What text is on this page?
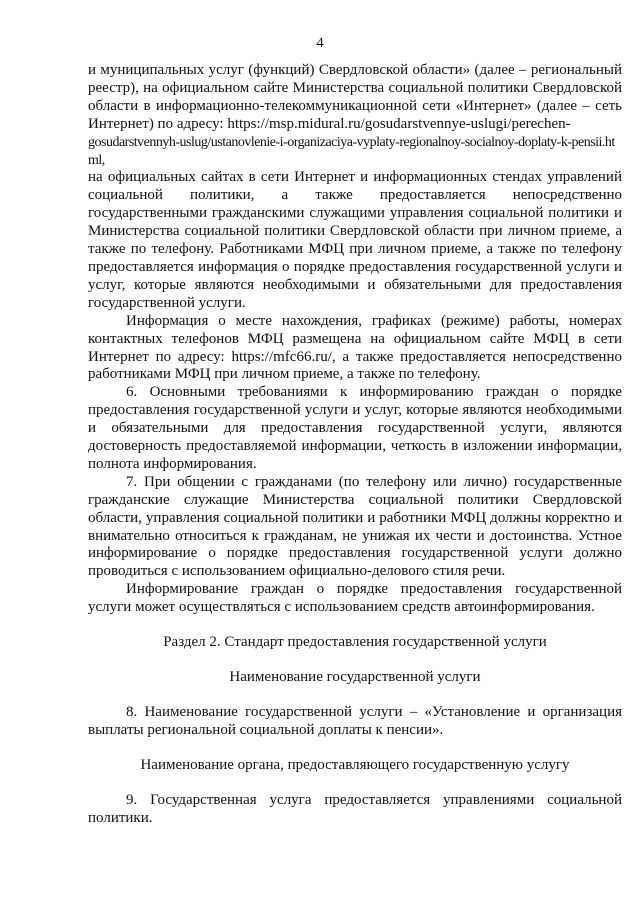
4

и муниципальных услуг (функций) Свердловской области» (далее – региональный реестр), на официальном сайте Министерства социальной политики Свердловской области в информационно-телекоммуникационной сети «Интернет» (далее – сеть Интернет) по адресу: https://msp.midural.ru/gosudarstvennye-uslugi/perechen-

gosudarstvennyh-uslug/ustanovlenie-i-organizaciya-vyplaty-regionalnoy-socialnoy-doplaty-k-pensii.html,

на официальных сайтах в сети Интернет и информационных стендах управлений социальной политики, а также предоставляется непосредственно государственными гражданскими служащими управления социальной политики и Министерства социальной политики Свердловской области при личном приеме, а также по телефону. Работниками МФЦ при личном приеме, а также по телефону предоставляется информация о порядке предоставления государственной услуги и услуг, которые являются необходимыми и обязательными для предоставления государственной услуги.

Информация о месте нахождения, графиках (режиме) работы, номерах контактных телефонов МФЦ размещена на официальном сайте МФЦ в сети Интернет по адресу: https://mfc66.ru/, а также предоставляется непосредственно работниками МФЦ при личном приеме, а также по телефону.

6. Основными требованиями к информированию граждан о порядке предоставления государственной услуги и услуг, которые являются необходимыми и обязательными для предоставления государственной услуги, являются достоверность предоставляемой информации, четкость в изложении информации, полнота информирования.

7. При общении с гражданами (по телефону или лично) государственные гражданские служащие Министерства социальной политики Свердловской области, управления социальной политики и работники МФЦ должны корректно и внимательно относиться к гражданам, не унижая их чести и достоинства. Устное информирование о порядке предоставления государственной услуги должно проводиться с использованием официально-делового стиля речи.

Информирование граждан о порядке предоставления государственной услуги может осуществляться с использованием средств автоинформирования.

Раздел 2. Стандарт предоставления государственной услуги

Наименование государственной услуги

8. Наименование государственной услуги – «Установление и организация выплаты региональной социальной доплаты к пенсии».

Наименование органа, предоставляющего государственную услугу

9. Государственная услуга предоставляется управлениями социальной политики.
